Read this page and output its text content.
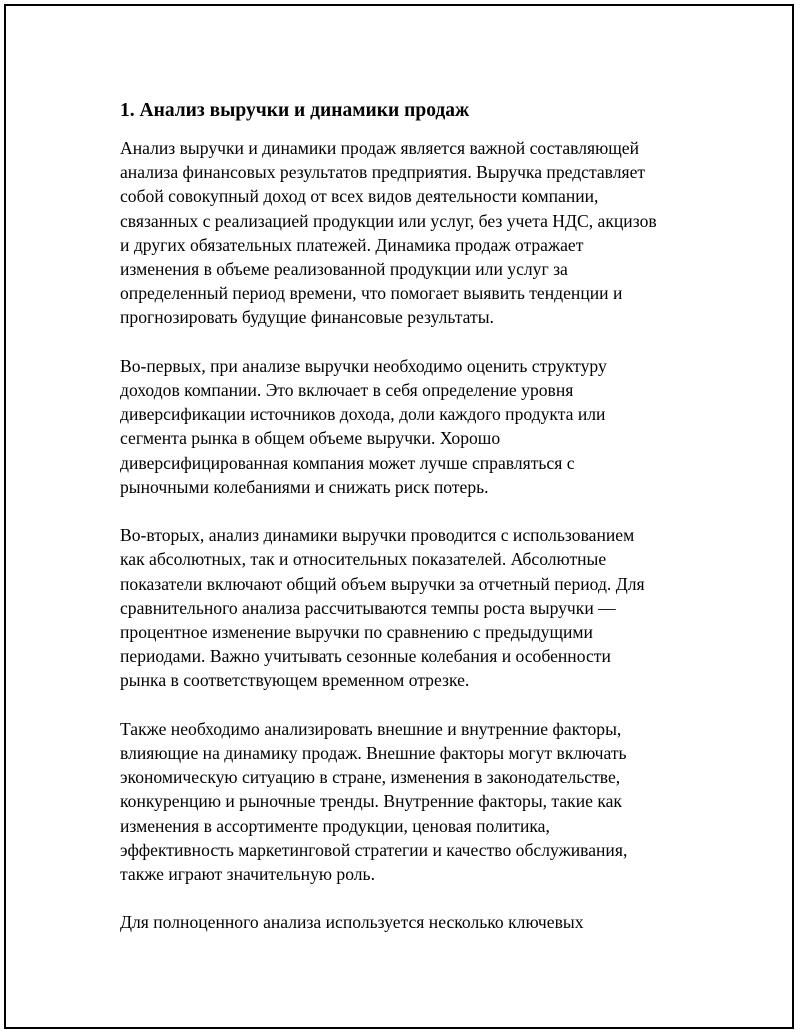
1. Анализ выручки и динамики продаж

Анализ выручки и динамики продаж является важной составляющей
анализа финансовых результатов предприятия. Выручка представляет
собой совокупный доход от всех видов деятельности компании,
связанных с реализацией продукции или услуг, без учета НДС, акцизов
и других обязательных платежей. Динамика продаж отражает
изменения в объеме реализованной продукции или услуг за
определенный период времени, что помогает выявить тенденции и
прогнозировать будущие финансовые результаты.

Во-первых, при анализе выручки необходимо оценить структуру
доходов компании. Это включает в себя определение уровня
диверсификации источников дохода, доли каждого продукта или
сегмента рынка в общем объеме выручки. Хорошо
диверсифицированная компания может лучше справляться с
рыночными колебаниями и снижать риск потерь.

Во-вторых, анализ динамики выручки проводится с использованием
как абсолютных, так и относительных показателей. Абсолютные
показатели включают общий объем выручки за отчетный период. Для
сравнительного анализа рассчитываются темпы роста выручки —
процентное изменение выручки по сравнению с предыдущими
периодами. Важно учитывать сезонные колебания и особенности
рынка в соответствующем временном отрезке.

Также необходимо анализировать внешние и внутренние факторы,
влияющие на динамику продаж. Внешние факторы могут включать
экономическую ситуацию в стране, изменения в законодательстве,
конкуренцию и рыночные тренды. Внутренние факторы, такие как
изменения в ассортименте продукции, ценовая политика,
эффективность маркетинговой стратегии и качество обслуживания,
также играют значительную роль.

Для полноценного анализа используется несколько ключевых
